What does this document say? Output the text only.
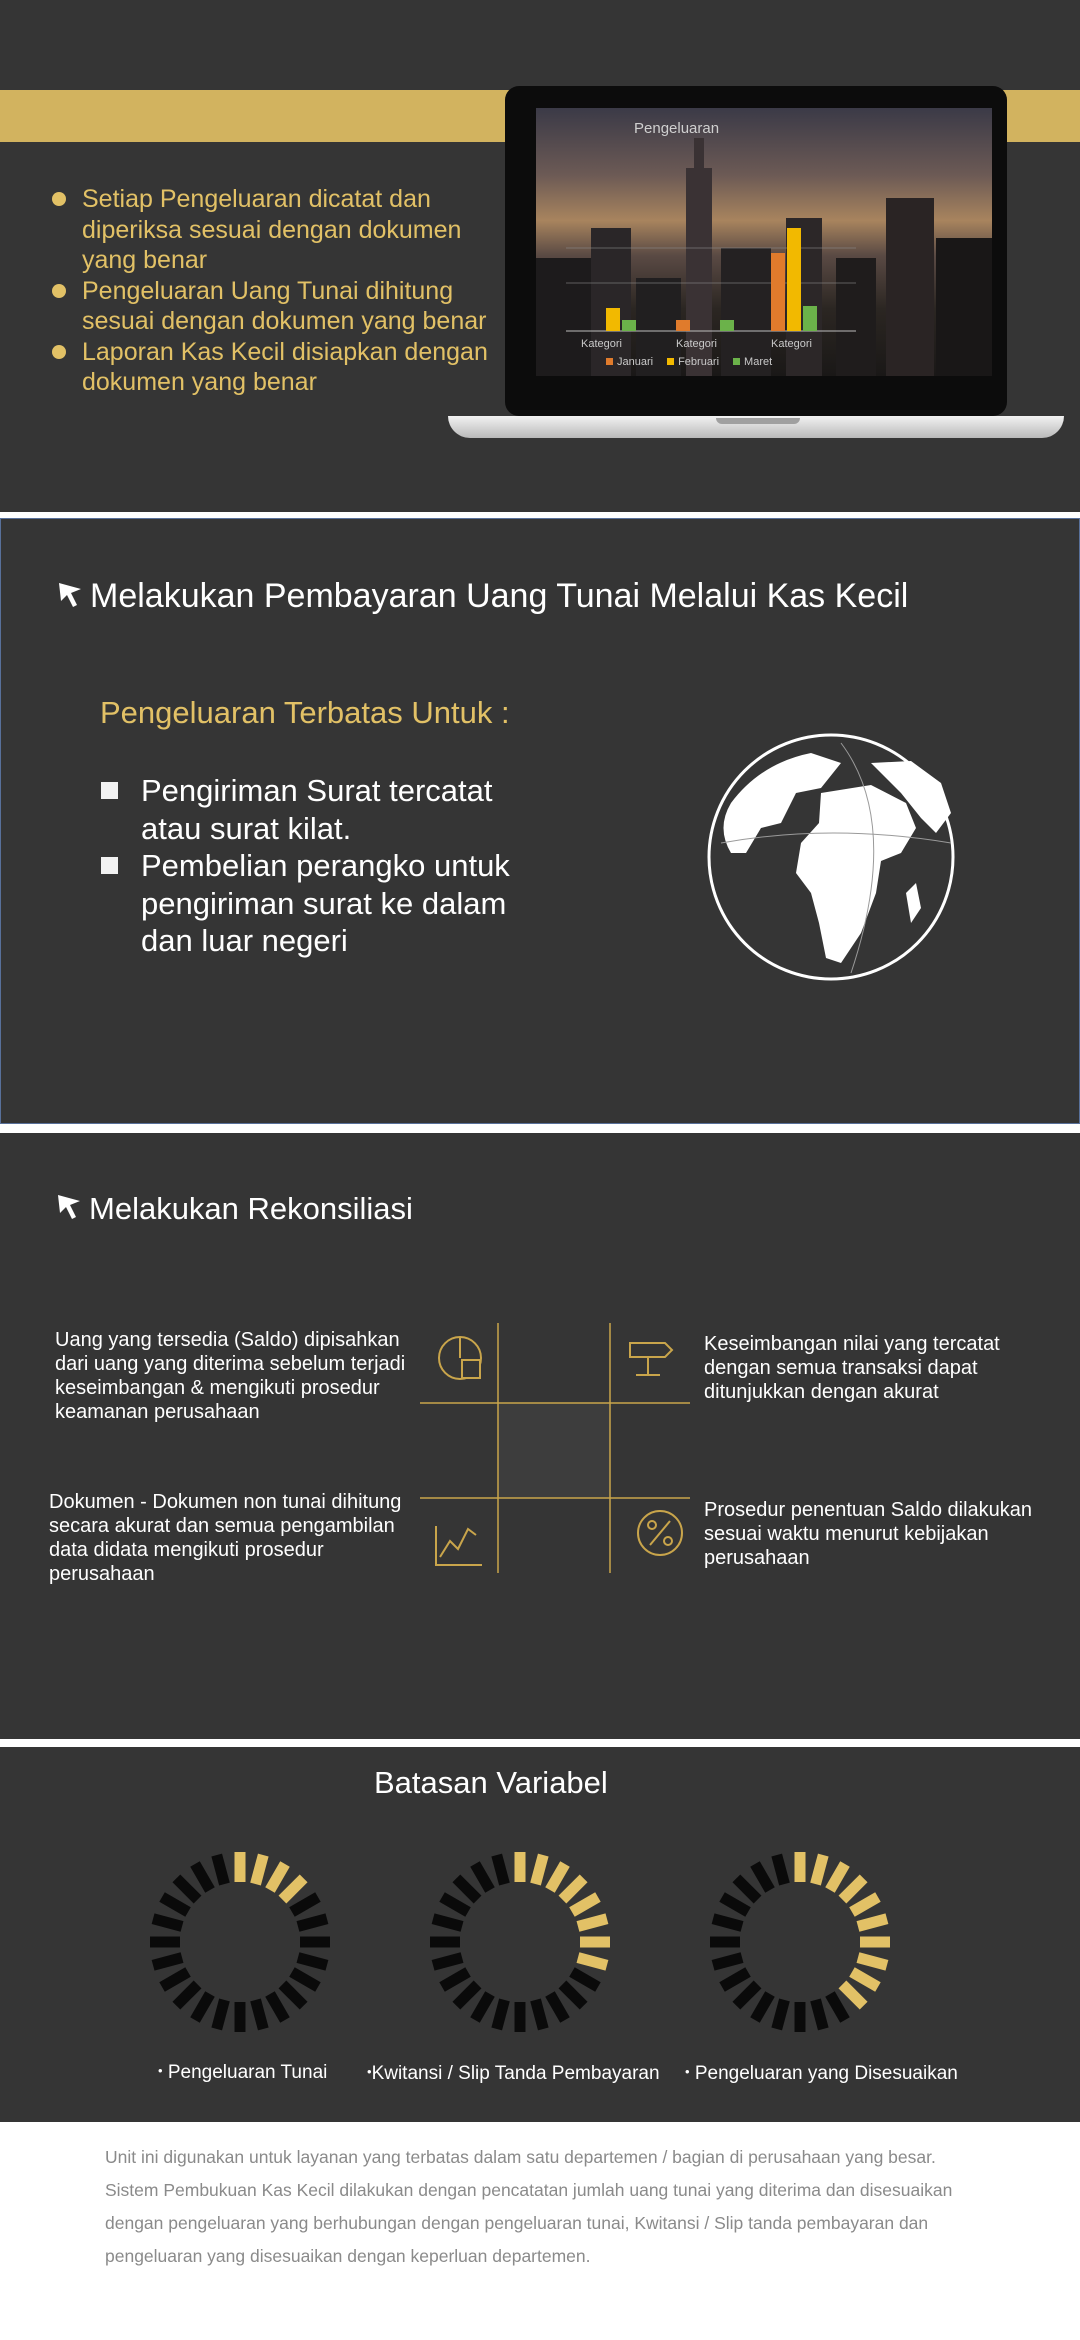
Setiap Pengeluaran dicatat dan diperiksa sesuai dengan dokumen yang benar
Pengeluaran Uang Tunai dihitung sesuai dengan dokumen yang benar
Laporan Kas Kecil disiapkan dengan dokumen yang benar
Pengeluaran
Kategori	Kategori	Kategori
Januari	Februari	Maret
Melakukan Pembayaran Uang Tunai Melalui Kas Kecil
Pengeluaran Terbatas Untuk :
Pengiriman Surat tercatat atau surat kilat.
Pembelian perangko untuk pengiriman surat ke dalam dan luar negeri
Melakukan Rekonsiliasi
Uang yang tersedia (Saldo) dipisahkan dari uang yang diterima sebelum terjadi keseimbangan & mengikuti prosedur keamanan perusahaan
Keseimbangan nilai yang tercatat dengan semua transaksi dapat ditunjukkan dengan akurat
Dokumen - Dokumen non tunai dihitung secara akurat dan semua pengambilan data didata mengikuti prosedur perusahaan
Prosedur penentuan Saldo dilakukan sesuai waktu menurut kebijakan perusahaan
Batasan Variabel
• Pengeluaran Tunai	•Kwitansi / Slip Tanda Pembayaran • Pengeluaran yang Disesuaikan

Unit ini digunakan untuk layanan yang terbatas dalam satu departemen / bagian di perusahaan yang besar.

Sistem Pembukuan Kas Kecil dilakukan dengan pencatatan jumlah uang tunai yang diterima dan disesuaikan

dengan pengeluaran yang berhubungan dengan pengeluaran tunai, Kwitansi / Slip tanda pembayaran dan

pengeluaran yang disesuaikan dengan keperluan departemen.
